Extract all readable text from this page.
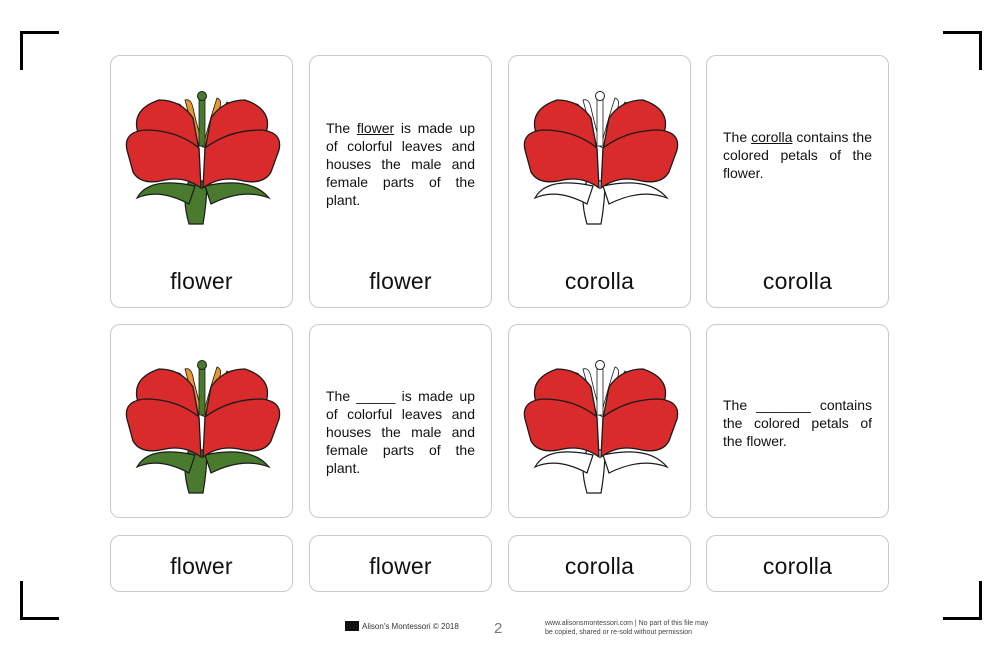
flower
The flower is made up of colorful leaves and houses the male and female parts of the plant.
flower	corolla
The corolla contains the colored petals of the flower.
corolla
The _____ is made up of colorful leaves and houses the male and female parts of the plant.
The _______ contains the colored petals of the flower.
flower	flower	corolla	corolla
Alison's Montessori © 2018 2	www.alisonsmontessori.com | No part of this file may
be copied, shared or re-sold without permission
